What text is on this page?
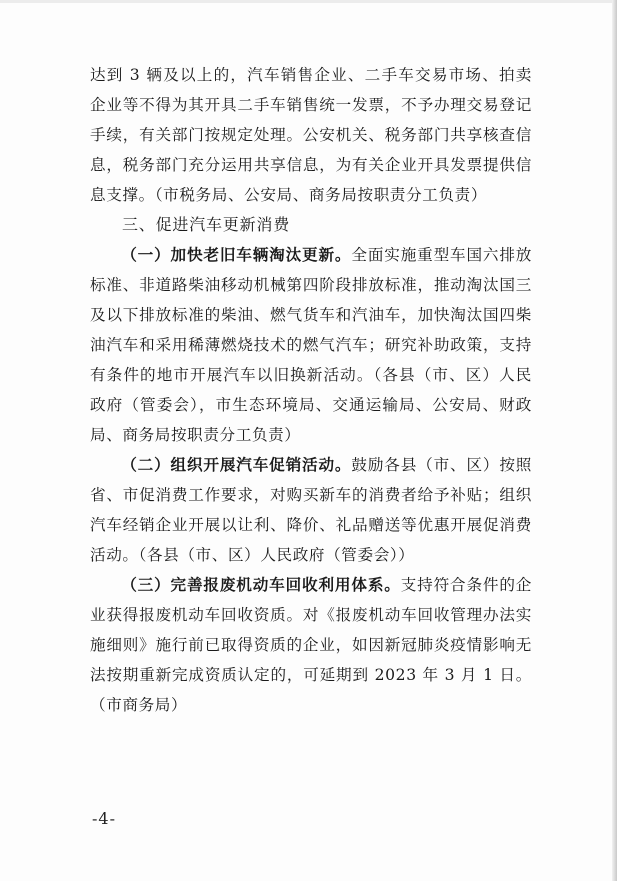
达到 3 辆及以上的，汽车销售企业、二手车交易市场、拍卖企业等不得为其开具二手车销售统一发票，不予办理交易登记手续，有关部门按规定处理。公安机关、税务部门共享核查信息，税务部门充分运用共享信息，为有关企业开具发票提供信息支撑。（市税务局、公安局、商务局按职责分工负责）

三、促进汽车更新消费

（一）加快老旧车辆淘汰更新。全面实施重型车国六排放标准、非道路柴油移动机械第四阶段排放标准，推动淘汰国三及以下排放标准的柴油、燃气货车和汽油车，加快淘汰国四柴油汽车和采用稀薄燃烧技术的燃气汽车；研究补助政策，支持有条件的地市开展汽车以旧换新活动。（各县（市、区）人民政府（管委会），市生态环境局、交通运输局、公安局、财政局、商务局按职责分工负责）

（二）组织开展汽车促销活动。鼓励各县（市、区）按照省、市促消费工作要求，对购买新车的消费者给予补贴；组织汽车经销企业开展以让利、降价、礼品赠送等优惠开展促消费活动。（各县（市、区）人民政府（管委会））

（三）完善报废机动车回收利用体系。支持符合条件的企业获得报废机动车回收资质。对《报废机动车回收管理办法实施细则》施行前已取得资质的企业，如因新冠肺炎疫情影响无法按期重新完成资质认定的，可延期到 2023 年 3 月 1 日。（市商务局）

-4-
